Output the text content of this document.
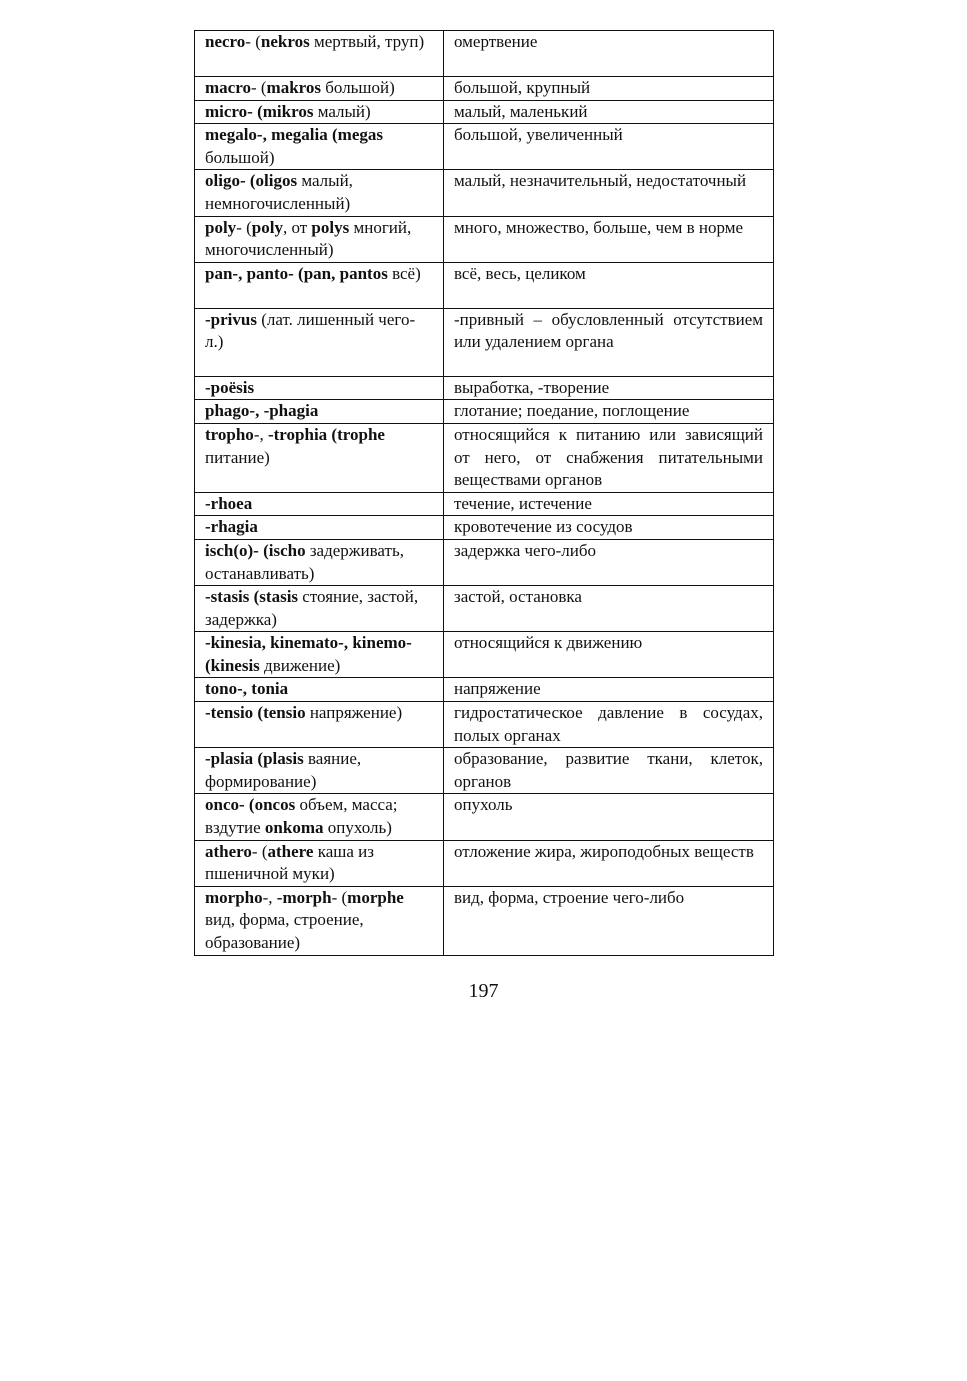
necro- (nekros мертвый, труп)	омертвение
macro- (makros большой)	большой, крупный
micro- (mikros малый)	малый, маленький
megalo-, megalia (megas большой)	большой, увеличенный
oligo- (oligos малый, немногочисленный)	малый, незначительный, недостаточный
poly- (poly, от polys многий, многочисленный)	много, множество, больше, чем в норме
pan-, panto- (pan, pantos всё)	всё, весь, целиком
-privus (лат. лишенный чего-л.)	-привный – обусловленный отсутствием или удалением органа
-poësis	выработка, -творение
phago-, -phagia	глотание; поедание, поглощение
tropho-, -trophia (trophe питание)	относящийся к питанию или зависящий от него, от снабжения питательными веществами органов
-rhoea	течение, истечение
-rhagia	кровотечение из сосудов
isch(o)- (ischo задерживать, останавливать)	задержка чего-либо
-stasis (stasis стояние, застой, задержка)	застой, остановка
-kinesia, kinemato-, kinemo- (kinesis движение)	относящийся к движению
tono-, tonia	напряжение
-tensio (tensio напряжение)	гидростатическое давление в сосудах, полых органах
-plasia (plasis ваяние, формирование)	образование, развитие ткани, клеток, органов
onco- (oncos объем, масса; вздутие onkoma опухоль)	опухоль
athero- (athere каша из пшеничной муки)	отложение жира, жироподобных веществ
morpho-, -morph- (morphe вид, форма, строение, образование)	вид, форма, строение чего-либо
197
